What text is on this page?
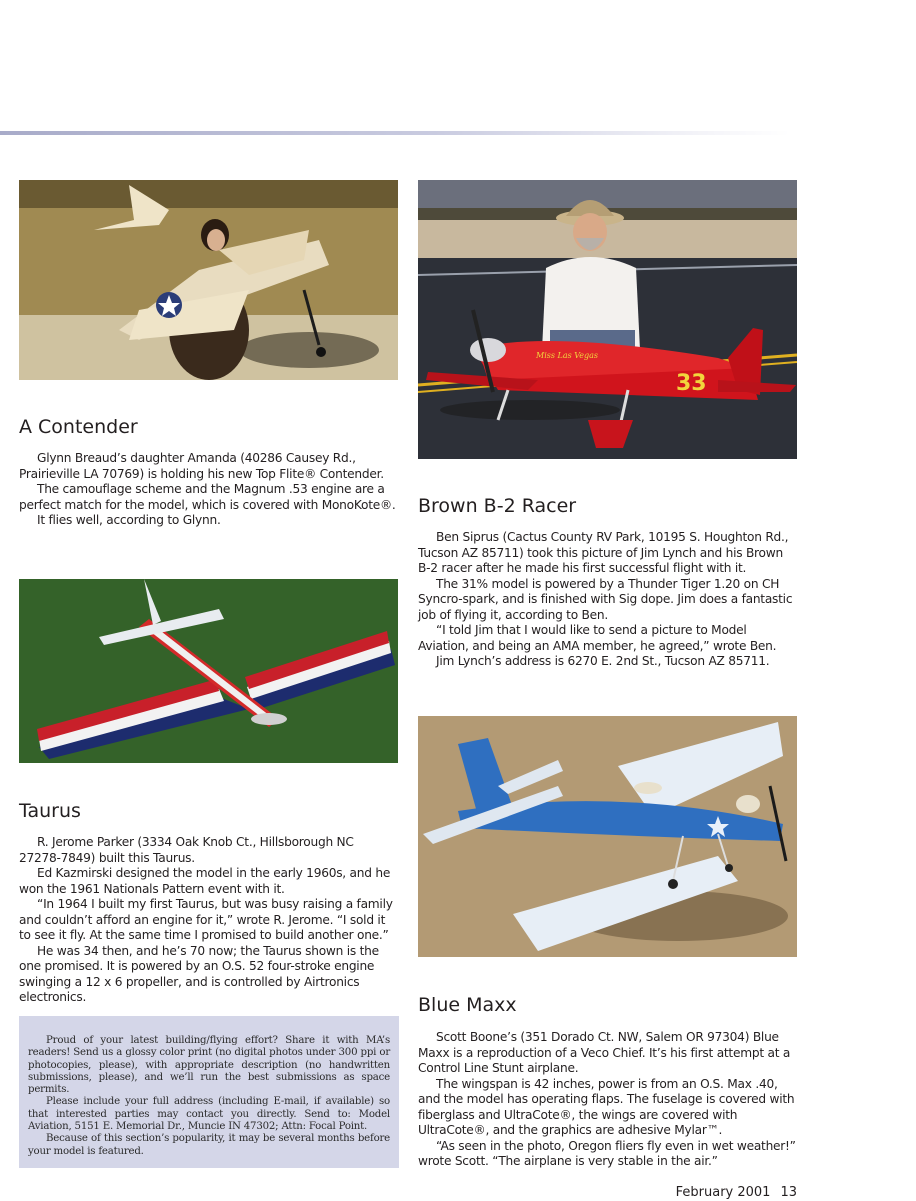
A Contender

Glynn Breaud’s daughter Amanda (40286 Causey Rd., Prairieville LA 70769) is holding his new Top Flite® Contender.

The camouflage scheme and the Magnum .53 engine are a perfect match for the model, which is covered with MonoKote®.

It flies well, according to Glynn.

Taurus

R. Jerome Parker (3334 Oak Knob Ct., Hillsborough NC 27278-7849) built this Taurus.

Ed Kazmirski designed the model in the early 1960s, and he won the 1961 Nationals Pattern event with it.

“In 1964 I built my first Taurus, but was busy raising a family and couldn’t afford an engine for it,” wrote R. Jerome. “I sold it to see it fly. At the same time I promised to build another one.”

He was 34 then, and he’s 70 now; the Taurus shown is the one promised. It is powered by an O.S. 52 four-stroke engine swinging a 12 x 6 propeller, and is controlled by Airtronics electronics.

33
Miss Las Vegas
Brown B-2 Racer

Ben Siprus (Cactus County RV Park, 10195 S. Houghton Rd., Tucson AZ 85711) took this picture of Jim Lynch and his Brown B-2 racer after he made his first successful flight with it.

The 31% model is powered by a Thunder Tiger 1.20 on CH Syncro-spark, and is finished with Sig dope. Jim does a fantastic job of flying it, according to Ben.

“I told Jim that I would like to send a picture to Model Aviation, and being an AMA member, he agreed,” wrote Ben.

Jim Lynch’s address is 6270 E. 2nd St., Tucson AZ 85711.

Blue Maxx

Scott Boone’s (351 Dorado Ct. NW, Salem OR 97304) Blue Maxx is a reproduction of a Veco Chief. It’s his first attempt at a Control Line Stunt airplane.

The wingspan is 42 inches, power is from an O.S. Max .40, and the model has operating flaps. The fuselage is covered with fiberglass and UltraCote®, the wings are covered with UltraCote®, and the graphics are adhesive Mylar™.

“As seen in the photo, Oregon fliers fly even in wet weather!” wrote Scott. “The airplane is very stable in the air.”

Proud of your latest building/flying effort? Share it with MA’s readers! Send us a glossy color print (no digital photos under 300 ppi or photocopies, please), with appropriate description (no handwritten submissions, please), and we’ll run the best submissions as space permits.

Please include your full address (including E-mail, if available) so that interested parties may contact you directly. Send to: Model Aviation, 5151 E. Memorial Dr., Muncie IN 47302; Attn: Focal Point.

Because of this section’s popularity, it may be several months before your model is featured.

February 2001 13
